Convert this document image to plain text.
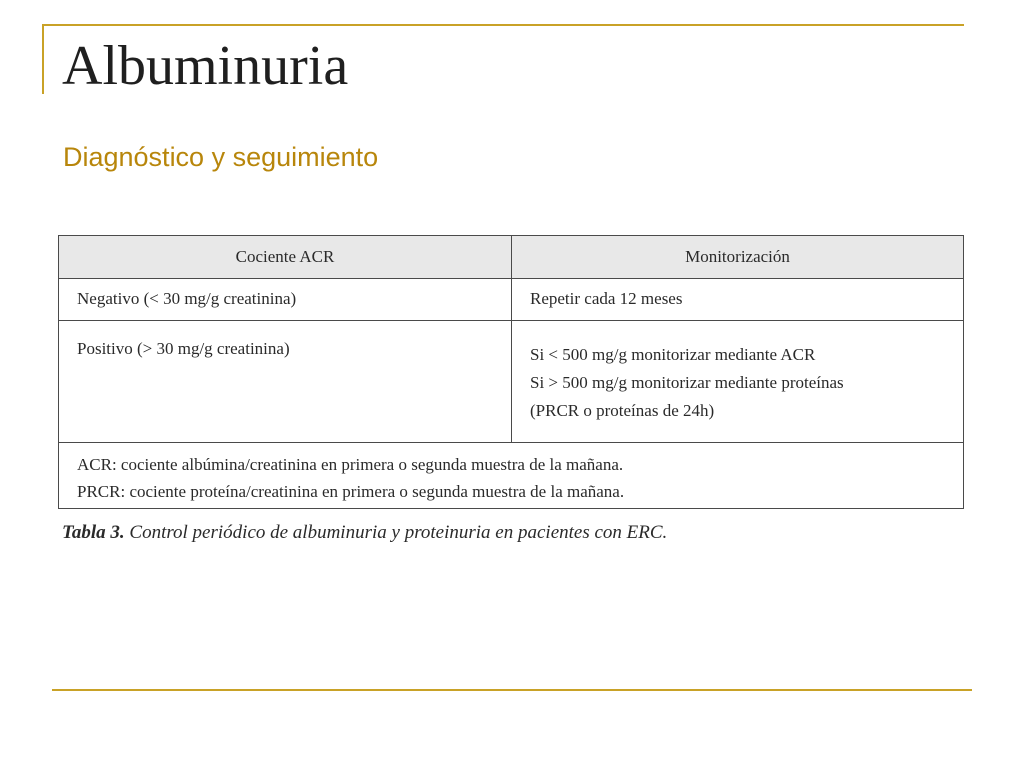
Albuminuria
Diagnóstico y seguimiento
Cociente ACR	Monitorización
Negativo (< 30 mg/g creatinina)	Repetir cada 12 meses

Positivo (> 30 mg/g creatinina)	Si < 500 mg/g monitorizar mediante ACR
Si > 500 mg/g monitorizar mediante proteínas
(PRCR o proteínas de 24h)

ACR: cociente albúmina/creatinina en primera o segunda muestra de la mañana.
PRCR: cociente proteína/creatinina en primera o segunda muestra de la mañana.	

Tabla 3. Control periódico de albuminuria y proteinuria en pacientes con ERC.
